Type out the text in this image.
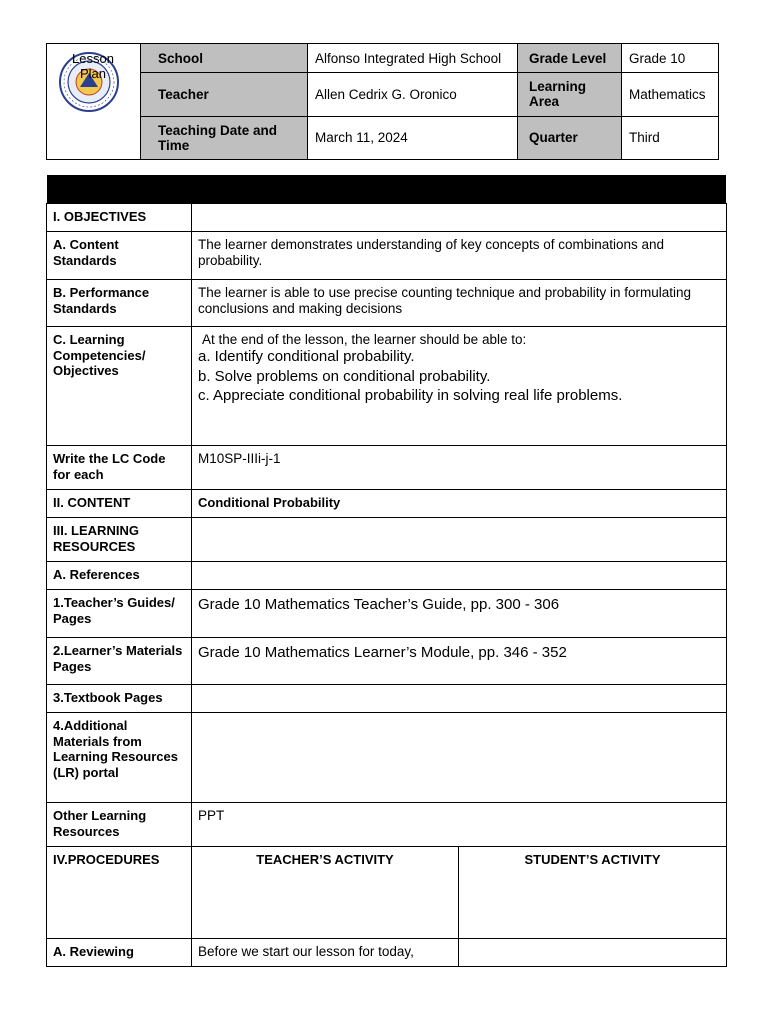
Lesson Plan	School	Alfonso Integrated High School	Grade Level	Grade 10
	Teacher	Allen Cedrix G. Oronico	Learning Area	Mathematics
	Teaching Date and Time	March 11, 2024	Quarter	Third
I. OBJECTIVES		
A. Content Standards	The learner demonstrates understanding of key concepts of combinations and probability.	
B. Performance Standards	The learner is able to use precise counting technique and probability in formulating conclusions and making decisions	
C. Learning Competencies/ Objectives	At the end of the lesson, the learner should be able to:
a. Identify conditional probability.
b. Solve problems on conditional probability.
c. Appreciate conditional probability in solving real life problems.	

Write the LC Code for each	M10SP-IIIi-j-1	
II. CONTENT	Conditional Probability	
III. LEARNING RESOURCES		
A. References		
1.Teacher’s Guides/ Pages	Grade 10 Mathematics Teacher’s Guide, pp. 300 - 306	
2.Learner’s Materials Pages	Grade 10 Mathematics Learner’s Module, pp. 346 - 352	
3.Textbook Pages		
4.Additional Materials from Learning Resources (LR) portal		
Other Learning Resources	PPT	
IV.PROCEDURES	TEACHER’S ACTIVITY	STUDENT’S ACTIVITY
A. Reviewing	Before we start our lesson for today,	
